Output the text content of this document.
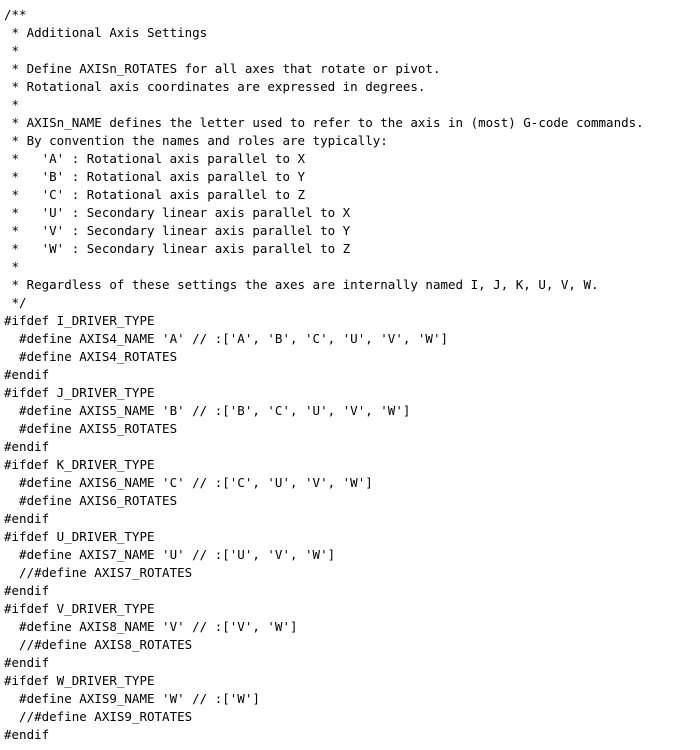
/**
* Additional Axis Settings
*
* Define AXISn_ROTATES for all axes that rotate or pivot.
* Rotational axis coordinates are expressed in degrees.
*
* AXISn_NAME defines the letter used to refer to the axis in (most) G-code commands.
* By convention the names and roles are typically:
*   'A' : Rotational axis parallel to X
*   'B' : Rotational axis parallel to Y
*   'C' : Rotational axis parallel to Z
*   'U' : Secondary linear axis parallel to X
*   'V' : Secondary linear axis parallel to Y
*   'W' : Secondary linear axis parallel to Z
*
* Regardless of these settings the axes are internally named I, J, K, U, V, W.
*/
#ifdef I_DRIVER_TYPE
#define AXIS4_NAME 'A' // :['A', 'B', 'C', 'U', 'V', 'W']
#define AXIS4_ROTATES
#endif
#ifdef J_DRIVER_TYPE
#define AXIS5_NAME 'B' // :['B', 'C', 'U', 'V', 'W']
#define AXIS5_ROTATES
#endif
#ifdef K_DRIVER_TYPE
#define AXIS6_NAME 'C' // :['C', 'U', 'V', 'W']
#define AXIS6_ROTATES
#endif
#ifdef U_DRIVER_TYPE
#define AXIS7_NAME 'U' // :['U', 'V', 'W']
//#define AXIS7_ROTATES
#endif
#ifdef V_DRIVER_TYPE
#define AXIS8_NAME 'V' // :['V', 'W']
//#define AXIS8_ROTATES
#endif
#ifdef W_DRIVER_TYPE
#define AXIS9_NAME 'W' // :['W']
//#define AXIS9_ROTATES
#endif
